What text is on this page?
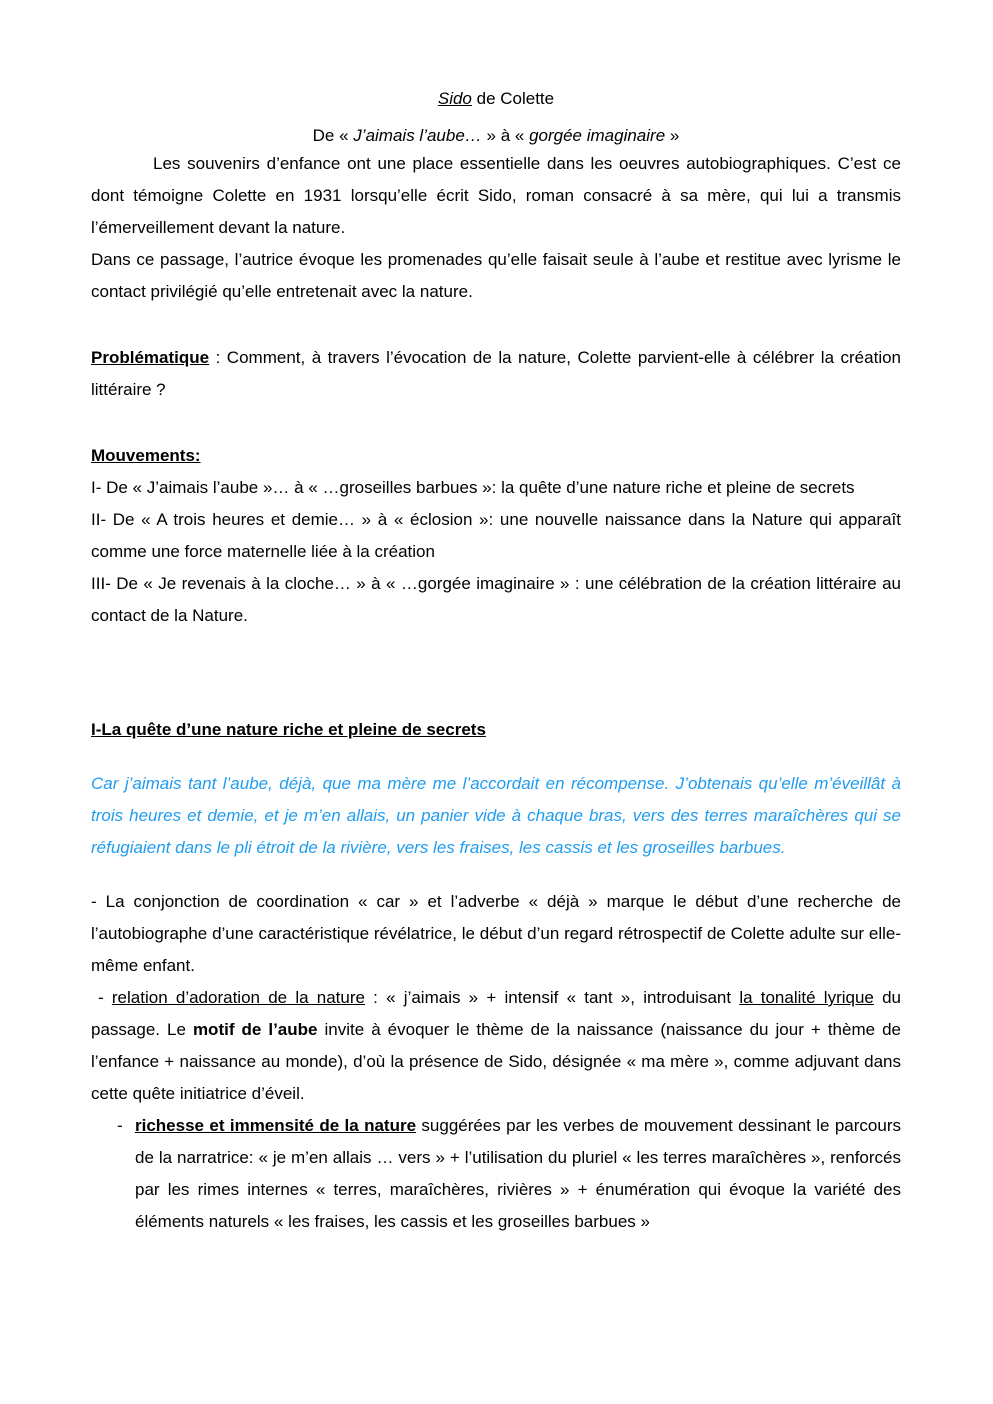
Sido de Colette
De « J’aimais l’aube… » à « gorgée imaginaire »

Les souvenirs d’enfance ont une place essentielle dans les oeuvres autobiographiques. C’est ce dont témoigne Colette en 1931 lorsqu’elle écrit Sido, roman consacré à sa mère, qui lui a transmis l’émerveillement devant la nature.

Dans ce passage, l’autrice évoque les promenades qu’elle faisait seule à l’aube et restitue avec lyrisme le contact privilégié qu’elle entretenait avec la nature.

Problématique : Comment, à travers l’évocation de la nature, Colette parvient-elle à célébrer la création littéraire ?

Mouvements:

I- De « J’aimais l’aube »… à « …groseilles barbues »: la quête d’une nature riche et pleine de secrets

II- De « A trois heures et demie… » à « éclosion »: une nouvelle naissance dans la Nature qui apparaît comme une force maternelle liée à la création

III- De « Je revenais à la cloche… » à « …gorgée imaginaire » : une célébration de la création littéraire au contact de la Nature.

I-La quête d’une nature riche et pleine de secrets

Car j’aimais tant l’aube, déjà, que ma mère me l’accordait en récompense. J’obtenais qu’elle m’éveillât à trois heures et demie, et je m’en allais, un panier vide à chaque bras, vers des terres maraîchères qui se réfugiaient dans le pli étroit de la rivière, vers les fraises, les cassis et les groseilles barbues.

- La conjonction de coordination « car » et l’adverbe « déjà » marque le début d’une recherche de l’autobiographe d’une caractéristique révélatrice, le début d’un regard rétrospectif de Colette adulte sur elle-même enfant.

- relation d’adoration de la nature : « j’aimais » + intensif « tant », introduisant la tonalité lyrique du passage. Le motif de l’aube invite à évoquer le thème de la naissance (naissance du jour + thème de l’enfance + naissance au monde), d’où la présence de Sido, désignée « ma mère », comme adjuvant dans cette quête initiatrice d’éveil.

- richesse et immensité de la nature suggérées par les verbes de mouvement dessinant le parcours de la narratrice: « je m’en allais … vers » + l’utilisation du pluriel « les terres maraîchères », renforcés par les rimes internes « terres, maraîchères, rivières » + énumération qui évoque la variété des éléments naturels « les fraises, les cassis et les groseilles barbues »
